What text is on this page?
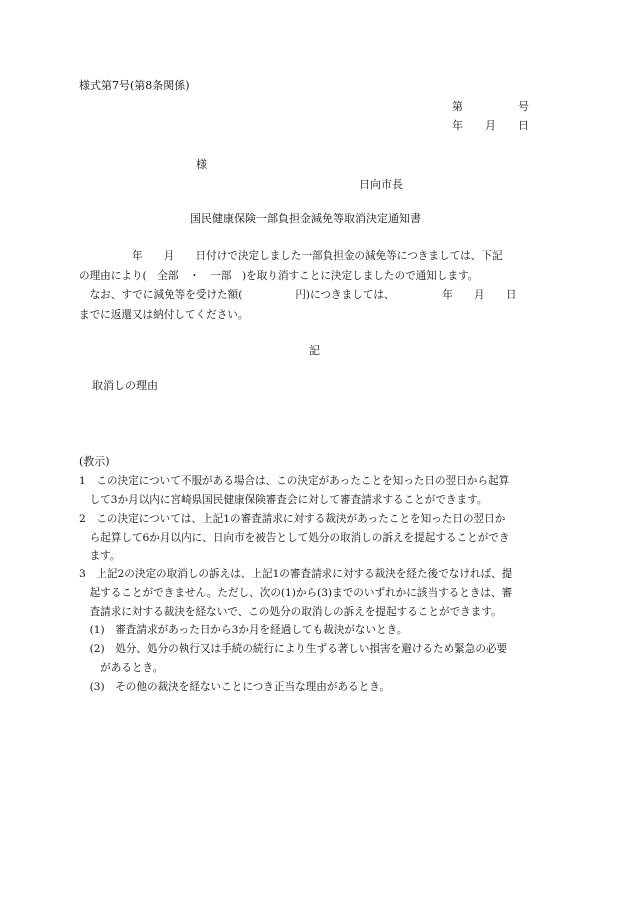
様式第7号(第8条関係)
第　　　　　号
年　　月　　日
様
日向市長
国民健康保険一部負担金減免等取消決定通知書
　　　　　年　　月　　日付けで決定しました一部負担金の減免等につきましては、下記
の理由により(　全部　・　一部　)を取り消すことに決定しましたので通知します。
　なお、すでに減免等を受けた額(　　　　　円)につきましては、　　　　　年　　月　　日
までに返還又は納付してください。
記
取消しの理由
(教示)
1　この決定について不服がある場合は、この決定があったことを知った日の翌日から起算
　して3か月以内に宮崎県国民健康保険審査会に対して審査請求することができます。
2　この決定については、上記1の審査請求に対する裁決があったことを知った日の翌日か
　ら起算して6か月以内に、日向市を被告として処分の取消しの訴えを提起することができ
　ます。
3　上記2の決定の取消しの訴えは、上記1の審査請求に対する裁決を経た後でなければ、提
　起することができません。ただし、次の(1)から(3)までのいずれかに該当するときは、審
　査請求に対する裁決を経ないで、この処分の取消しの訴えを提起することができます。
　(1)　審査請求があった日から3か月を経過しても裁決がないとき。
　(2)　処分、処分の執行又は手続の続行により生ずる著しい損害を避けるため緊急の必要
　　があるとき。
　(3)　その他の裁決を経ないことにつき正当な理由があるとき。
